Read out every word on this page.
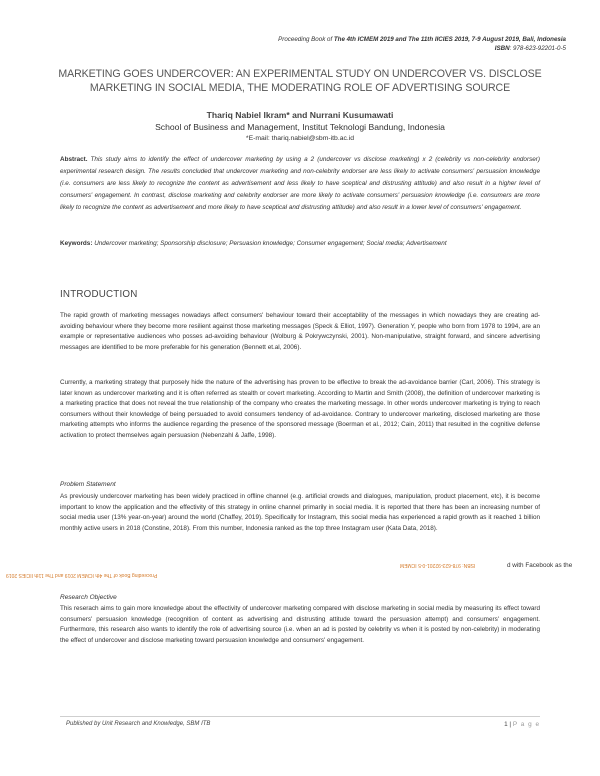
Proceeding Book of The 4th ICMEM 2019 and The 11th IICIES 2019, 7-9 August 2019, Bali, Indonesia
ISBN: 978-623-92201-0-5
MARKETING GOES UNDERCOVER: AN EXPERIMENTAL STUDY ON UNDERCOVER VS. DISCLOSE
MARKETING IN SOCIAL MEDIA, THE MODERATING ROLE OF ADVERTISING SOURCE
Thariq Nabiel Ikram* and Nurrani Kusumawati
School of Business and Management, Institut Teknologi Bandung, Indonesia
*E-mail: thariq.nabiel@sbm-itb.ac.id
Abstract. This study aims to identify the effect of undercover marketing by using a 2 (undercover vs disclose marketing) x 2 (celebrity vs non-celebrity endorser) experimental research design. The results concluded that undercover marketing and non-celebrity endorser are less likely to activate consumers' persuasion knowledge (i.e. consumers are less likely to recognize the content as advertisement and less likely to have sceptical and distrusting attitude) and also result in a higher level of consumers' engagement. In contrast, disclose marketing and celebrity endorser are more likely to activate consumers' persuasion knowledge (i.e. consumers are more likely to recognize the content as advertisement and more likely to have sceptical and distrusting attitude) and also result in a lower level of consumers' engagement.
Keywords: Undercover marketing; Sponsorship disclosure; Persuasion knowledge; Consumer engagement; Social media; Advertisement
INTRODUCTION
The rapid growth of marketing messages nowadays affect consumers' behaviour toward their acceptability of the messages in which nowadays they are creating ad-avoiding behaviour where they become more resilient against those marketing messages (Speck & Elliot, 1997). Generation Y, people who born from 1978 to 1994, are an example or representative audiences who posses ad-avoiding behaviour (Wolburg & Pokrywczynski, 2001). Non-manipulative, straight forward, and sincere advertising messages are identified to be more preferable for his generation (Bennett et.al, 2006).
Currently, a marketing strategy that purposely hide the nature of the advertising has proven to be effective to break the ad-avoidance barrier (Carl, 2006). This strategy is later known as undercover marketing and it is often referred as stealth or covert marketing. According to Martin and Smith (2008), the definition of undercover marketing is a marketing practice that does not reveal the true relationship of the company who creates the marketing message. In other words undercover marketing is trying to reach consumers without their knowledge of being persuaded to avoid consumers tendency of ad-avoidance. Contrary to undercover marketing, disclosed marketing are those marketing attempts who informs the audience regarding the presence of the sponsored message (Boerman et al., 2012; Cain, 2011) that resulted in the cognitive defense activation to protect themselves again persuasion (Nebenzahl & Jaffe, 1998).
Problem Statement
As previously undercover marketing has been widely practiced in offline channel (e.g. artificial crowds and dialogues, manipulation, product placement, etc), it is become important to know the application and the effectivity of this strategy in online channel primarily in social media. It is reported that there has been an increasing number of social media user (13% year-on-year) around the world (Chaffey, 2019). Specifically for Instagram, this social media has experienced a rapid growth as it reached 1 billion monthly active users in 2018 (Constine, 2018). From this number, Indonesia ranked as the top three Instagram user (Kata Data, 2018).
Proceeding Book of The 4th ICMEM 2019 and The 11th IICIES 2019
ISBN: 978-623-92201-0-5 ICMEM	d with Facebook as the
Research Objective
This reserach aims to gain more knowledge about the effectivity of undercover marketing compared with disclose marketing in social media by measuring its effect toward consumers' persuasion knowledge (recognition of content as advertising and distrusting attitude toward the persuasion attempt) and consumers' engagement. Furthermore, this research also wants to identify the role of advertising source (i.e. when an ad is posted by celebrity vs when it is posted by non-celebrity) in moderating the effect of undercover and disclose marketing toward persuasion knowledge and consumers' engagement.
Published by Unit Research and Knowledge, SBM ITB	1 | P a g e
